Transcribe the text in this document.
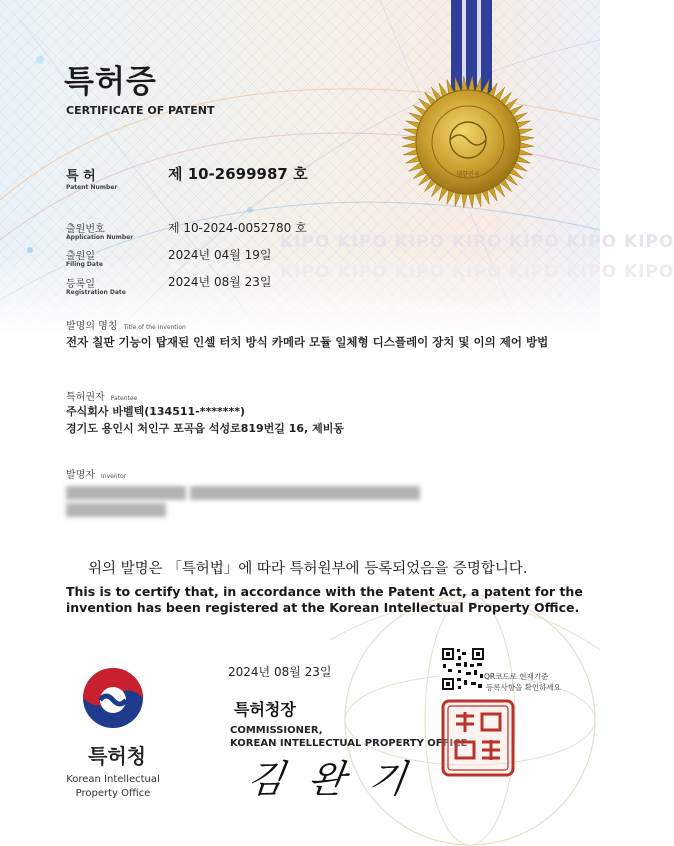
KIPO KIPO KIPO KIPO KIPO KIPO KIPO
KIPO KIPO KIPO KIPO KIPO KIPO KIPO
대한민국
특허증
CERTIFICATE OF PATENT
특 허
Patent Number
제 10-2699987 호
출원번호
Application Number
제 10-2024-0052780 호
출원일
Filing Date
2024년 04월 19일
등록일
Registration Date
2024년 08월 23일
발명의 명칭 Title of the Invention
전자 칠판 기능이 탑재된 인셀 터치 방식 카메라 모듈 일체형 디스플레이 장치 및 이의 제어 방법
특허권자 Patentee
주식회사 바벨텍(134511-*******)
경기도 용인시 처인구 포곡읍 석성로819번길 16, 제비동
발명자 Inventor
위의 발명은 「특허법」에 따라 특허원부에 등록되었음을 증명합니다.
This is to certify that, in accordance with the Patent Act, a patent for the
invention has been registered at the Korean Intellectual Property Office.
2024년 08월 23일	QR코드로 현재기준
등록사항을 확인하세요
특허청장
COMMISSIONER,
KOREAN INTELLECTUAL PROPERTY OFFICE
김 완 기	특허청장인
특허청
Korean Intellectual
Property Office
